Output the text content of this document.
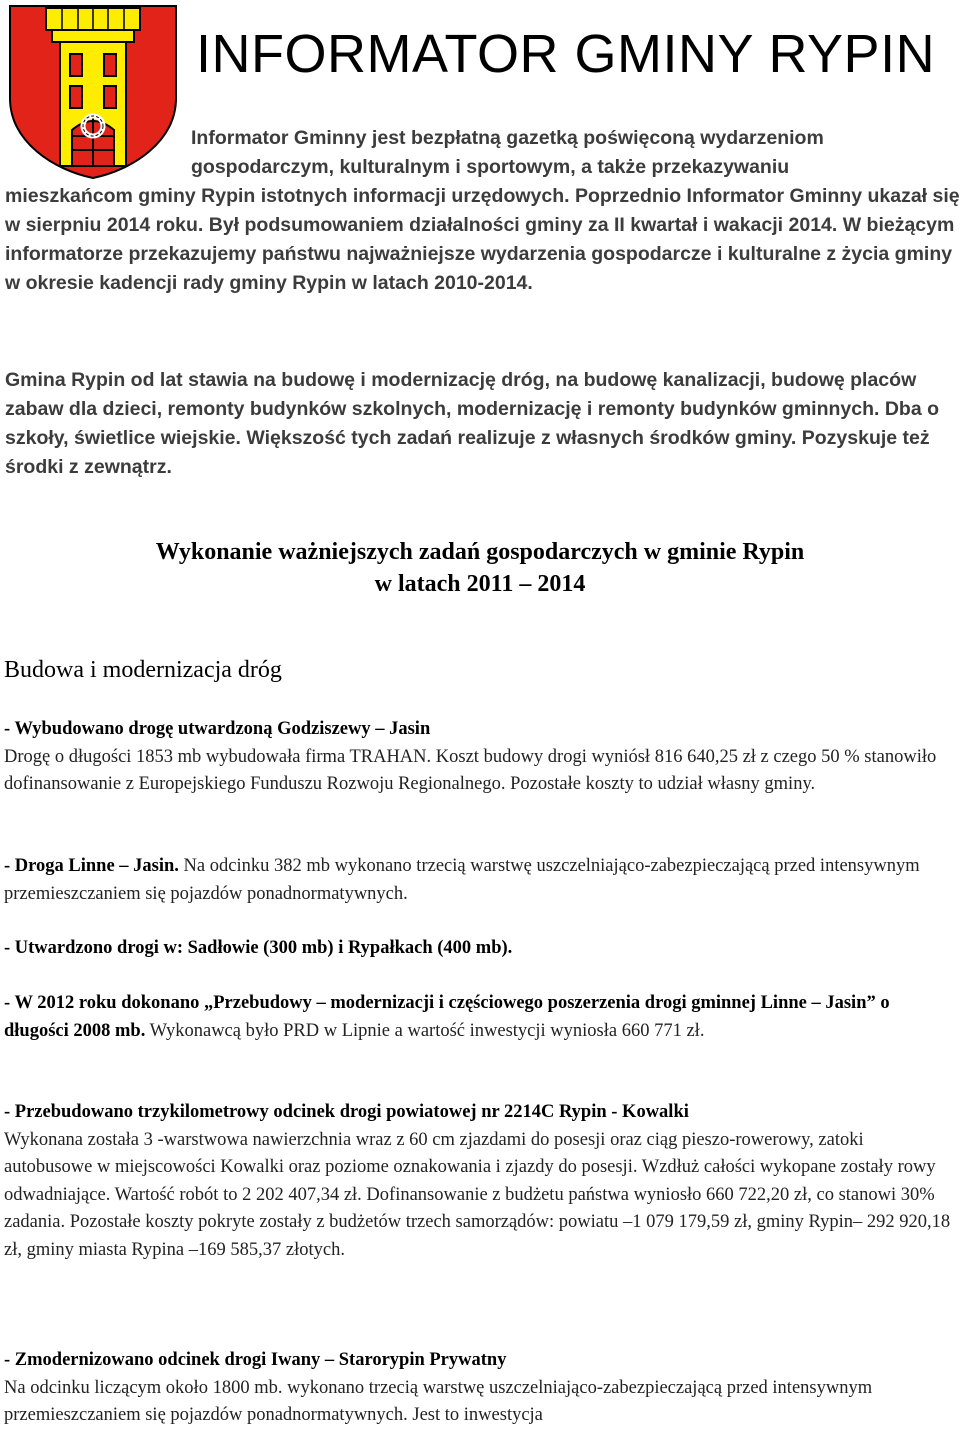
INFORMATOR GMINY RYPIN
Informator Gminny jest bezpłatną gazetką poświęconą wydarzeniom gospodarczym, kulturalnym i sportowym, a także przekazywaniu
mieszkańcom gminy Rypin istotnych informacji urzędowych. Poprzednio Informator Gminny ukazał się w sierpniu 2014 roku. Był podsumowaniem działalności gminy za II kwartał i wakacji 2014. W bieżącym informatorze przekazujemy państwu najważniejsze wydarzenia gospodarcze i kulturalne z życia gminy w okresie kadencji rady gminy Rypin w latach 2010-2014.

Gmina Rypin od lat stawia na budowę i modernizację dróg, na budowę kanalizacji, budowę placów zabaw dla dzieci, remonty budynków szkolnych, modernizację i remonty budynków gminnych. Dba o szkoły, świetlice wiejskie. Większość tych zadań realizuje z własnych środków gminy. Pozyskuje też środki z zewnątrz.

Wykonanie ważniejszych zadań gospodarczych w gminie Rypin
w latach 2011 – 2014
Budowa i modernizacja dróg

- Wybudowano drogę utwardzoną Godziszewy – Jasin
Drogę o długości 1853 mb wybudowała firma TRAHAN. Koszt budowy drogi wyniósł 816 640,25 zł z czego 50 % stanowiło dofinansowanie z Europejskiego Funduszu Rozwoju Regionalnego. Pozostałe koszty to udział własny gminy.

- Droga Linne – Jasin. Na odcinku 382 mb wykonano trzecią warstwę uszczelniająco-zabezpieczającą przed intensywnym przemieszczaniem się pojazdów ponadnormatywnych.

- Utwardzono drogi w: Sadłowie (300 mb) i Rypałkach (400 mb).

- W 2012 roku dokonano „Przebudowy – modernizacji i częściowego poszerzenia drogi gminnej Linne – Jasin” o długości 2008 mb. Wykonawcą było PRD w Lipnie a wartość inwestycji wyniosła 660 771 zł.

- Przebudowano trzykilometrowy odcinek drogi powiatowej nr 2214C Rypin - Kowalki
Wykonana została 3 -warstwowa nawierzchnia wraz z 60 cm zjazdami do posesji oraz ciąg pieszo-rowerowy, zatoki autobusowe w miejscowości Kowalki oraz poziome oznakowania i zjazdy do posesji. Wzdłuż całości wykopane zostały rowy odwadniające. Wartość robót to 2 202 407,34 zł. Dofinansowanie z budżetu państwa wyniosło 660 722,20 zł, co stanowi 30% zadania. Pozostałe koszty pokryte zostały z budżetów trzech samorządów: powiatu –1 079 179,59 zł, gminy Rypin– 292 920,18 zł, gminy miasta Rypina –169 585,37 złotych.

- Zmodernizowano odcinek drogi Iwany – Starorypin Prywatny
Na odcinku liczącym około 1800 mb. wykonano trzecią warstwę uszczelniająco-zabezpieczającą przed intensywnym przemieszczaniem się pojazdów ponadnormatywnych. Jest to inwestycja
